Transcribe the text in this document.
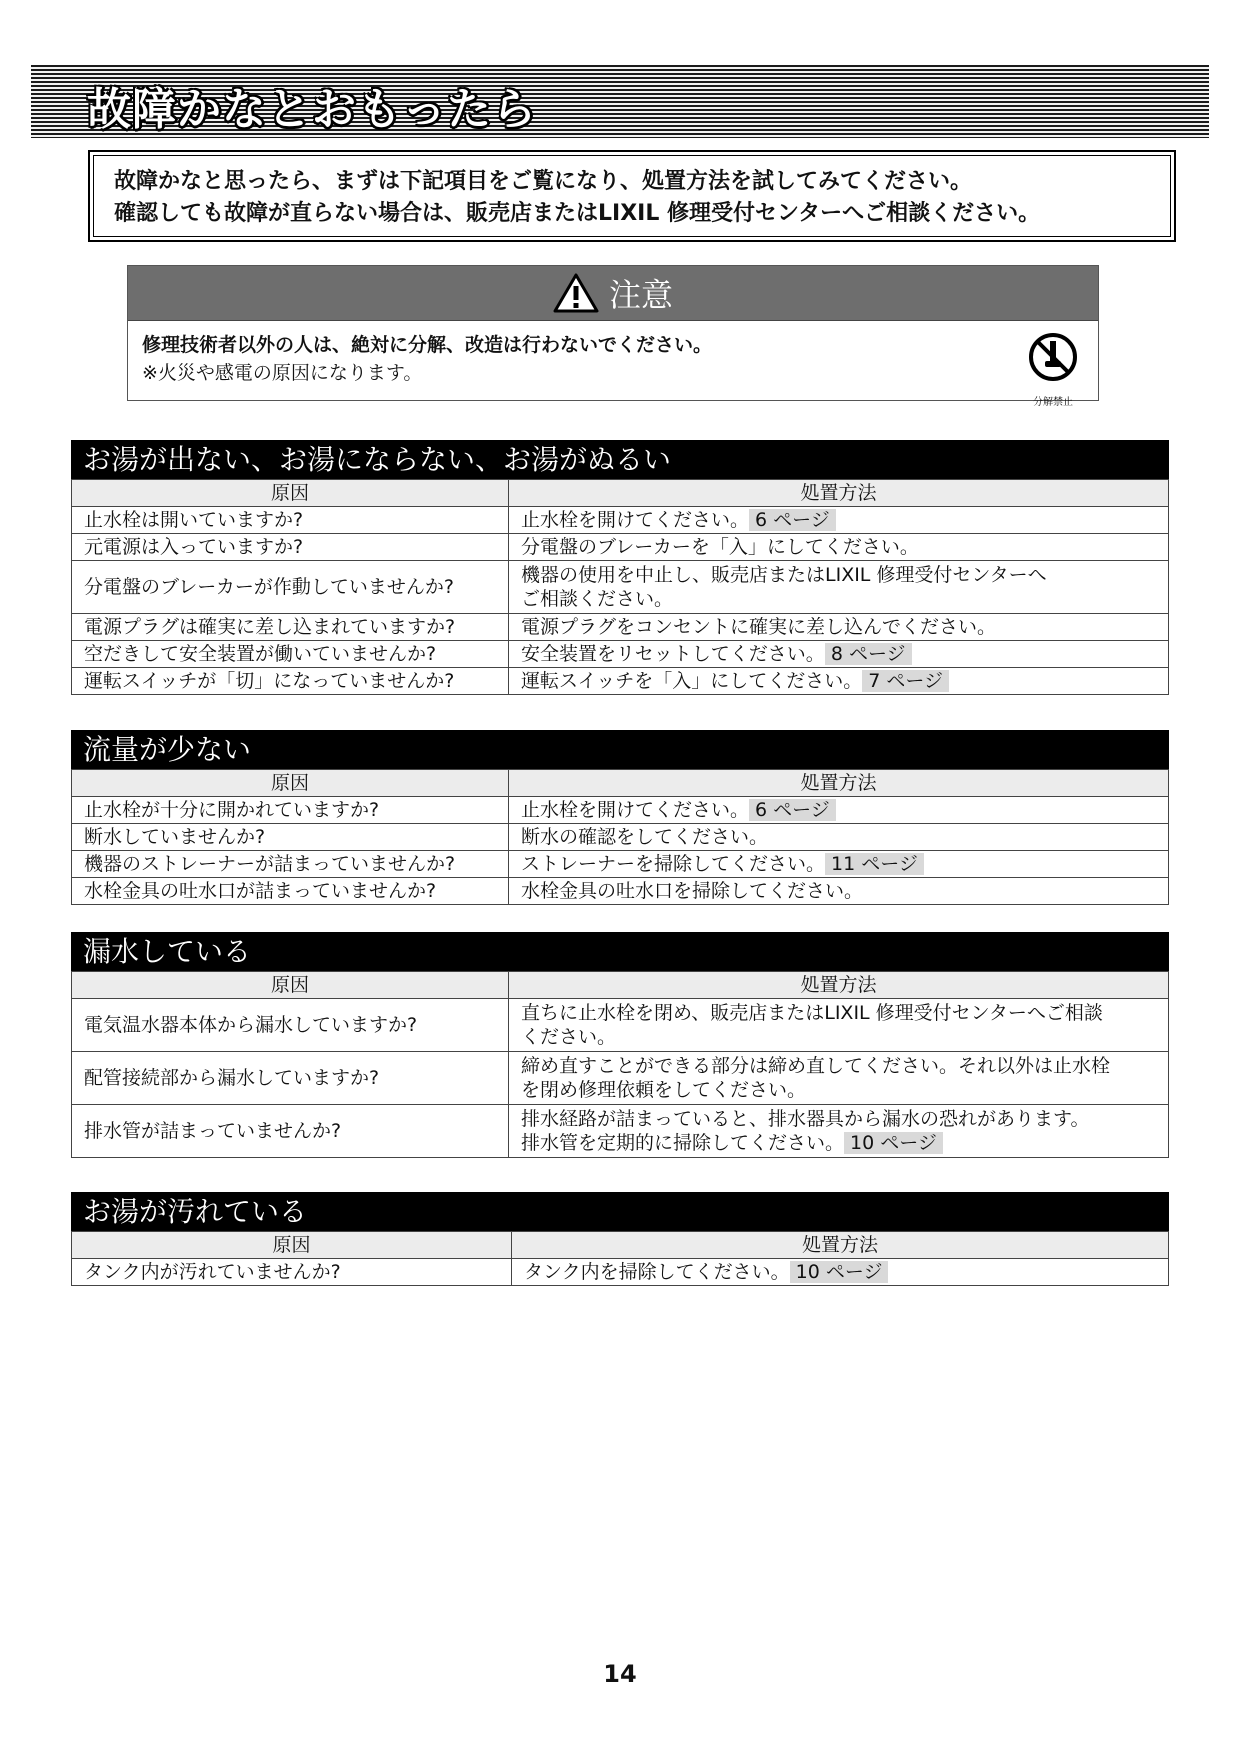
故障かなとおもったら
故障かなと思ったら、まずは下記項目をご覧になり、処置方法を試してみてください。
確認しても故障が直らない場合は、販売店またはLIXIL 修理受付センターへご相談ください。
注意
修理技術者以外の人は、絶対に分解、改造は行わないでください。
※火災や感電の原因になります。
分解禁止
お湯が出ない、お湯にならない、お湯がぬるい
原因	処置方法
止水栓は開いていますか?	止水栓を開けてください。 6 ページ
元電源は入っていますか?	分電盤のブレーカーを「入」にしてください。
分電盤のブレーカーが作動していませんか?	機器の使用を中止し、販売店またはLIXIL 修理受付センターへ
ご相談ください。

電源プラグは確実に差し込まれていますか?	電源プラグをコンセントに確実に差し込んでください。
空だきして安全装置が働いていませんか?	安全装置をリセットしてください。 8 ページ
運転スイッチが「切」になっていませんか?	運転スイッチを「入」にしてください。 7 ページ
流量が少ない
原因	処置方法
止水栓が十分に開かれていますか?	止水栓を開けてください。 6 ページ
断水していませんか?	断水の確認をしてください。
機器のストレーナーが詰まっていませんか?	ストレーナーを掃除してください。 11 ページ
水栓金具の吐水口が詰まっていませんか?	水栓金具の吐水口を掃除してください。
漏水している
原因	処置方法
電気温水器本体から漏水していますか?	直ちに止水栓を閉め、販売店またはLIXIL 修理受付センターへご相談
ください。

配管接続部から漏水していますか?	締め直すことができる部分は締め直してください。それ以外は止水栓
を閉め修理依頼をしてください。

排水管が詰まっていませんか?	排水経路が詰まっていると、排水器具から漏水の恐れがあります。
排水管を定期的に掃除してください。 10 ページ
お湯が汚れている
原因	処置方法
タンク内が汚れていませんか?	タンク内を掃除してください。 10 ページ
14
